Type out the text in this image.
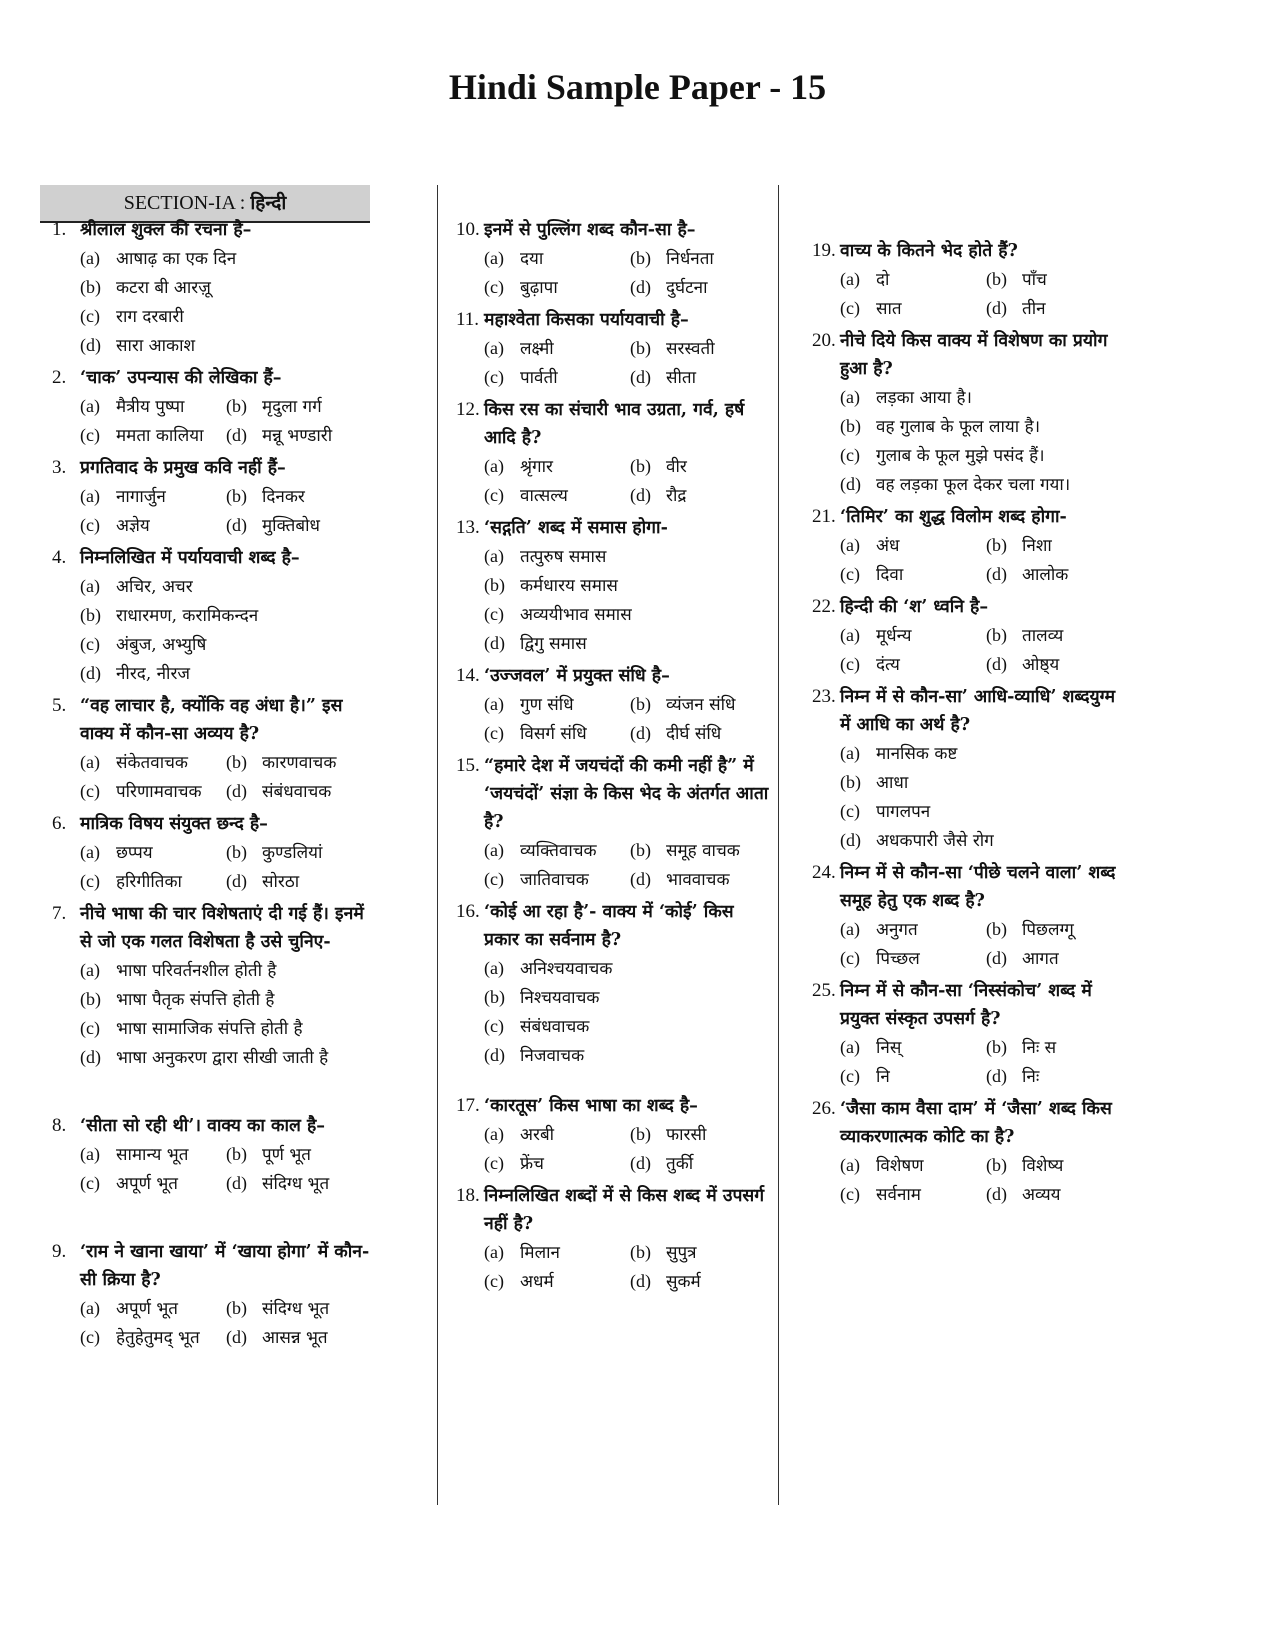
Hindi Sample Paper - 15
SECTION-IA : हिन्दी
1. श्रीलाल शुक्ल की रचना है–
(a) आषाढ़ का एक दिन
(b) कटरा बी आरज़ू
(c) राग दरबारी
(d) सारा आकाश
2. ‘चाक’ उपन्यास की लेखिका हैं–
(a) मैत्रीय पुष्पा	(b) मृदुला गर्ग
(c) ममता कालिया	(d) मन्नू भण्डारी
3. प्रगतिवाद के प्रमुख कवि नहीं हैं–
(a) नागार्जुन	(b) दिनकर
(c) अज्ञेय	(d) मुक्तिबोध
4. निम्नलिखित में पर्यायवाची शब्द है–
(a) अचिर, अचर
(b) राधारमण, करामिकन्दन
(c) अंबुज, अभ्युषि
(d) नीरद, नीरज
5. “वह लाचार है, क्योंकि वह अंधा है।” इस वाक्य में कौन-सा अव्यय है?
(a) संकेतवाचक	(b) कारणवाचक
(c) परिणामवाचक	(d) संबंधवाचक
6. मात्रिक विषय संयुक्त छन्द है–
(a) छप्पय	(b) कुण्डलियां
(c) हरिगीतिका	(d) सोरठा
7. नीचे भाषा की चार विशेषताएं दी गई हैं। इनमें से जो एक गलत विशेषता है उसे चुनिए-
(a) भाषा परिवर्तनशील होती है
(b) भाषा पैतृक संपत्ति होती है
(c) भाषा सामाजिक संपत्ति होती है
(d) भाषा अनुकरण द्वारा सीखी जाती है
8. ‘सीता सो रही थी’। वाक्य का काल है–
(a) सामान्य भूत	(b) पूर्ण भूत
(c) अपूर्ण भूत	(d) संदिग्ध भूत
9. ‘राम ने खाना खाया’ में ‘खाया होगा’ में कौन-सी क्रिया है?
(a) अपूर्ण भूत	(b) संदिग्ध भूत
(c) हेतुहेतुमद् भूत	(d) आसन्न भूत
10. इनमें से पुल्लिंग शब्द कौन-सा है–
(a) दया	(b) निर्धनता
(c) बुढ़ापा	(d) दुर्घटना
11. महाश्वेता किसका पर्यायवाची है–
(a) लक्ष्मी	(b) सरस्वती
(c) पार्वती	(d) सीता
12. किस रस का संचारी भाव उग्रता, गर्व, हर्ष आदि है?
(a) श्रृंगार	(b) वीर
(c) वात्सल्य	(d) रौद्र
13. ‘सद्गति’ शब्द में समास होगा-
(a) तत्पुरुष समास
(b) कर्मधारय समास
(c) अव्ययीभाव समास
(d) द्विगु समास
14. ‘उज्जवल’ में प्रयुक्त संधि है–
(a) गुण संधि	(b) व्यंजन संधि
(c) विसर्ग संधि	(d) दीर्घ संधि
15. “हमारे देश में जयचंदों की कमी नहीं है” में ‘जयचंदों’ संज्ञा के किस भेद के अंतर्गत आता है?
(a) व्यक्तिवाचक	(b) समूह वाचक
(c) जातिवाचक	(d) भाववाचक
16. ‘कोई आ रहा है’- वाक्य में ‘कोई’ किस प्रकार का सर्वनाम है?
(a) अनिश्चयवाचक
(b) निश्चयवाचक
(c) संबंधवाचक
(d) निजवाचक
17. ‘कारतूस’ किस भाषा का शब्द है–
(a) अरबी	(b) फारसी
(c) फ्रेंच	(d) तुर्की
18. निम्नलिखित शब्दों में से किस शब्द में उपसर्ग नहीं है?
(a) मिलान	(b) सुपुत्र
(c) अधर्म	(d) सुकर्म
19. वाच्य के कितने भेद होते हैं?
(a) दो	(b) पाँच
(c) सात	(d) तीन
20. नीचे दिये किस वाक्य में विशेषण का प्रयोग हुआ है?
(a) लड़का आया है।
(b) वह गुलाब के फूल लाया है।
(c) गुलाब के फूल मुझे पसंद हैं।
(d) वह लड़का फूल देकर चला गया।
21. ‘तिमिर’ का शुद्ध विलोम शब्द होगा-
(a) अंध	(b) निशा
(c) दिवा	(d) आलोक
22. हिन्दी की ‘श’ ध्वनि है–
(a) मूर्धन्य	(b) तालव्य
(c) दंत्य	(d) ओष्ठ्य
23. निम्न में से कौन-सा’ आधि-व्याधि’ शब्दयुग्म में आधि का अर्थ है?
(a) मानसिक कष्ट
(b) आधा
(c) पागलपन
(d) अधकपारी जैसे रोग
24. निम्न में से कौन-सा ‘पीछे चलने वाला’ शब्द समूह हेतु एक शब्द है?
(a) अनुगत	(b) पिछलग्गू
(c) पिच्छल	(d) आगत
25. निम्न में से कौन-सा ‘निस्संकोच’ शब्द में प्रयुक्त संस्कृत उपसर्ग है?
(a) निस्	(b) निः स
(c) नि	(d) निः
26. ‘जैसा काम वैसा दाम’ में ‘जैसा’ शब्द किस व्याकरणात्मक कोटि का है?
(a) विशेषण	(b) विशेष्य
(c) सर्वनाम	(d) अव्यय
